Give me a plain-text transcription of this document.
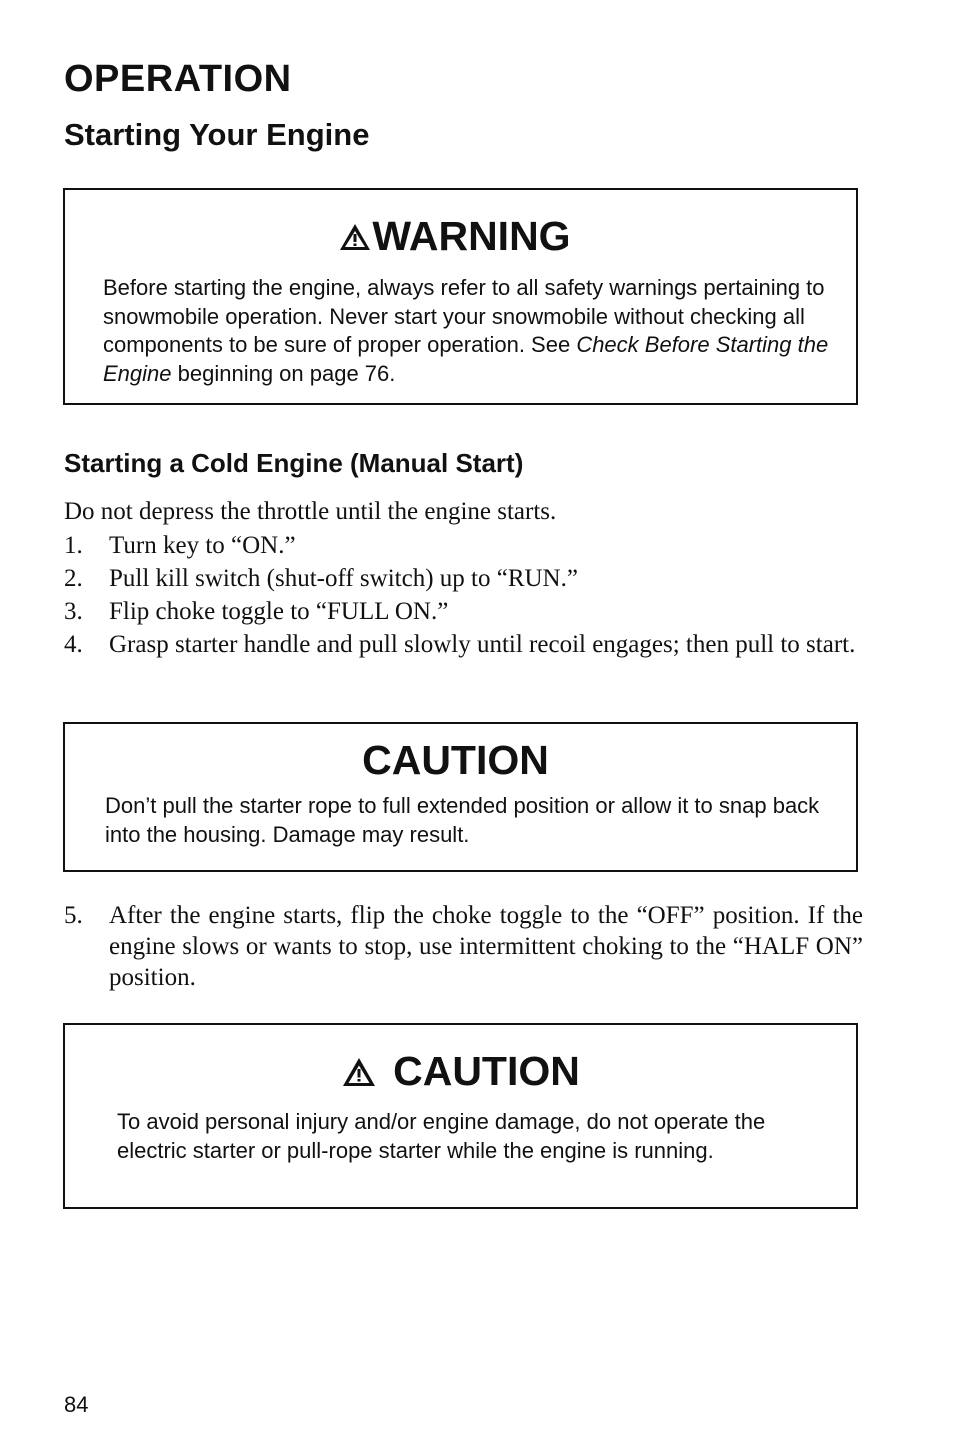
OPERATION
Starting Your Engine
WARNING
Before starting the engine, always refer to all safety warnings pertaining to snowmobile operation. Never start your snowmobile without checking all components to be sure of proper operation. See Check Before Starting the Engine beginning on page 76.
Starting a Cold Engine (Manual Start)

Do not depress the throttle until the engine starts.

1. Turn key to “ON.”
2. Pull kill switch (shut-off switch) up to “RUN.”
3. Flip choke toggle to “FULL ON.”
4. Grasp starter handle and pull slowly until recoil engages; then pull to start.
CAUTION
Don’t pull the starter rope to full extended position or allow it to snap back into the housing. Damage may result.
5. After the engine starts, flip the choke toggle to the “OFF” position. If the engine slows or wants to stop, use intermittent choking to the “HALF ON” position.
CAUTION
To avoid personal injury and/or engine damage, do not operate the electric starter or pull-rope starter while the engine is running.

84
